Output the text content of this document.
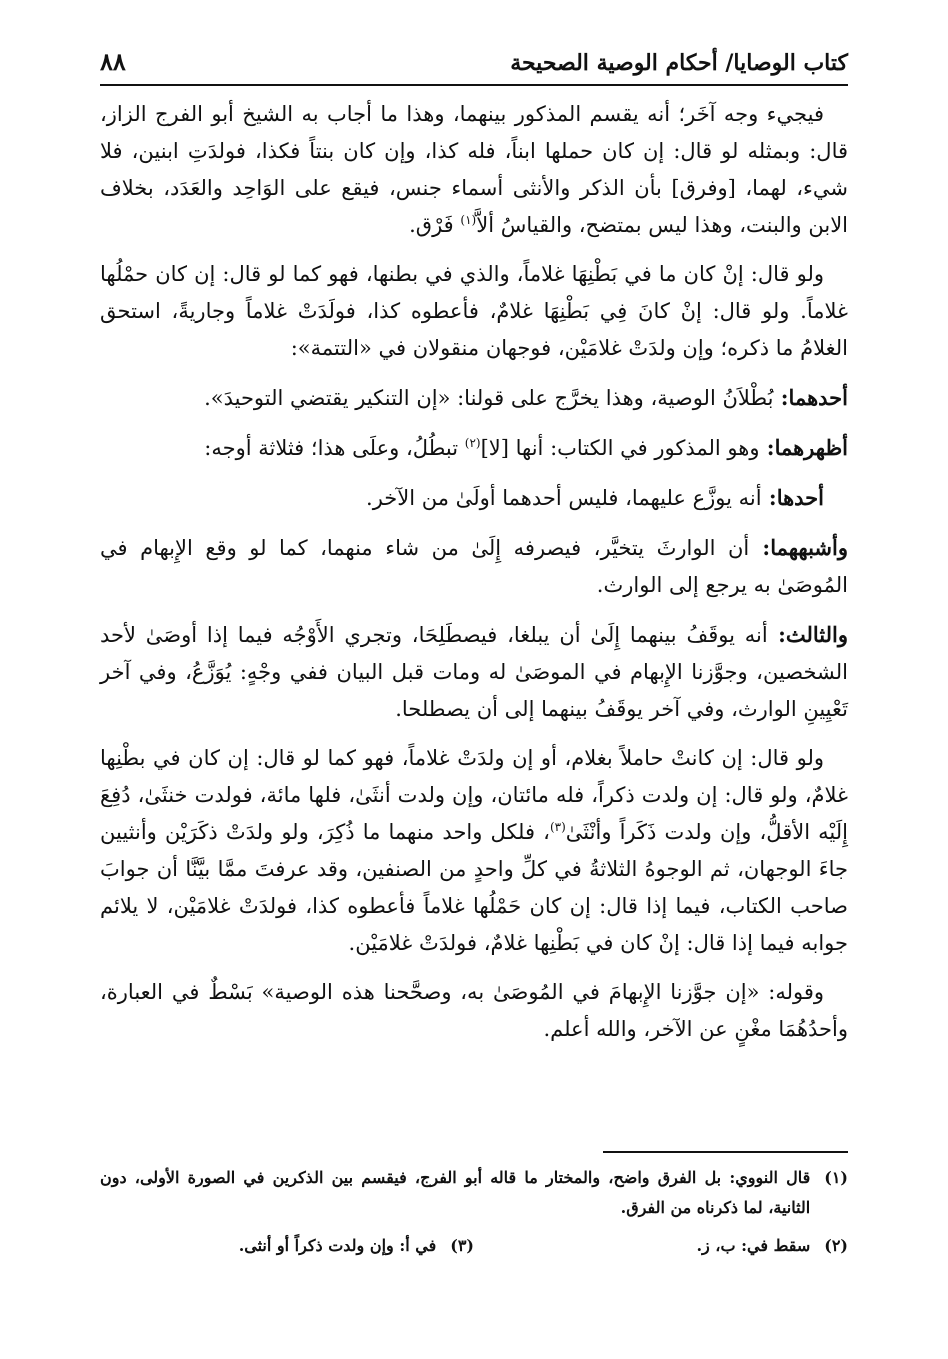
كتاب الوصايا/ أحكام الوصية الصحيحة
٨٨

فيجيء وجه آخَر؛ أنه يقسم المذكور بينهما، وهذا ما أجاب به الشيخ أبو الفرج الزاز، قال: وبمثله لو قال: إن كان حملها ابناً، فله كذا، وإن كان بنتاً فكذا، فولدَتِ ابنين، فلا شيء، لهما، [وفرق] بأن الذكر والأنثى أسماء جنس، فيقع على الوَاحِد والعَدَد، بخلاف الابن والبنت، وهذا ليس بمتضح، والقياسُ ألاَّ$^{(١)}$ فَرْق.

ولو قال: إنْ كان ما في بَطْنِهَا غلاماً، والذي في بطنها، فهو كما لو قال: إن كان حمْلُها غلاماً. ولو قال: إنْ كانَ فِي بَطْنِهَا غلامٌ، فأعطوه كذا، فولَدَتْ غلاماً وجاريةً، استحق الغلامُ ما ذكره؛ وإن ولدَتْ غلامَيْن، فوجهان منقولان في «التتمة»:

أحدهما: بُطْلاَنُ الوصية، وهذا يخرَّج على قولنا: «إن التنكير يقتضي التوحيدَ».

أظهرهما: وهو المذكور في الكتاب: أنها [لا]$^{(٢)}$ تبطُلُ، وعلَى هذا؛ فثلاثة أوجه:

أحدها: أنه يوزَّع عليهما، فليس أحدهما أولَىٰ من الآخر.

وأشبههما: أن الوارثَ يتخيَّر، فيصرفه إِلَىٰ من شاء منهما، كما لو وقع الإِبهام في المُوصَىٰ به يرجع إلى الوارث.

والثالث: أنه يوقَفُ بينهما إِلَىٰ أن يبلغا، فيصطَلِحَا، وتجري الأَوْجُه فيما إذا أوصَىٰ لأحد الشخصين، وجوَّزنا الإِبهام في الموصَىٰ له ومات قبل البيان ففي وجْهٍ: يُوَزَّعُ، وفي آخر تَعْيِينِ الوارث، وفي آخر يوقَفُ بينهما إلى أن يصطلحا.

ولو قال: إن كانتْ حاملاً بغلام، أو إن ولدَتْ غلاماً، فهو كما لو قال: إن كان في بطْنِها غلامٌ، ولو قال: إن ولدت ذكراً، فله مائتان، وإن ولدت أنثَىٰ، فلها مائة، فولدت خنثَىٰ، دُفِعَ إِلَيْه الأقلُّ، وإن ولدت ذَكَراً وأنْثَىٰ$^{(٣)}$، فلكل واحد منهما ما ذُكِرَ، ولو ولدَتْ ذكَرَيْن وأنثيين جاءَ الوجهان، ثم الوجوهُ الثلاثةُ في كلِّ واحدٍ من الصنفين، وقد عرفتَ ممَّا بيَّنَّا أن جوابَ صاحب الكتاب، فيما إذا قال: إن كان حَمْلُها غلاماً فأعطوه كذا، فولدَتْ غلامَيْن، لا يلائم جوابه فيما إذا قال: إنْ كان في بَطْنِها غلامٌ، فولدَتْ غلامَيْن.

وقوله: «إن جوَّزنا الإِبهامَ في المُوصَىٰ به، وصحَّحنا هذه الوصية» بَسْطٌ في العبارة، وأحدُهُمَا مغْنٍ عن الآخر، والله أعلم.

(١)
قال النووي: بل الفرق واضح، والمختار ما قاله أبو الفرج، فيقسم بين الذكرين في الصورة الأولى، دون الثانية، لما ذكرناه من الفرق.
(٢)
سقط في: ب، ز.
(٣)
في أ: وإن ولدت ذكراً أو أنثى.
